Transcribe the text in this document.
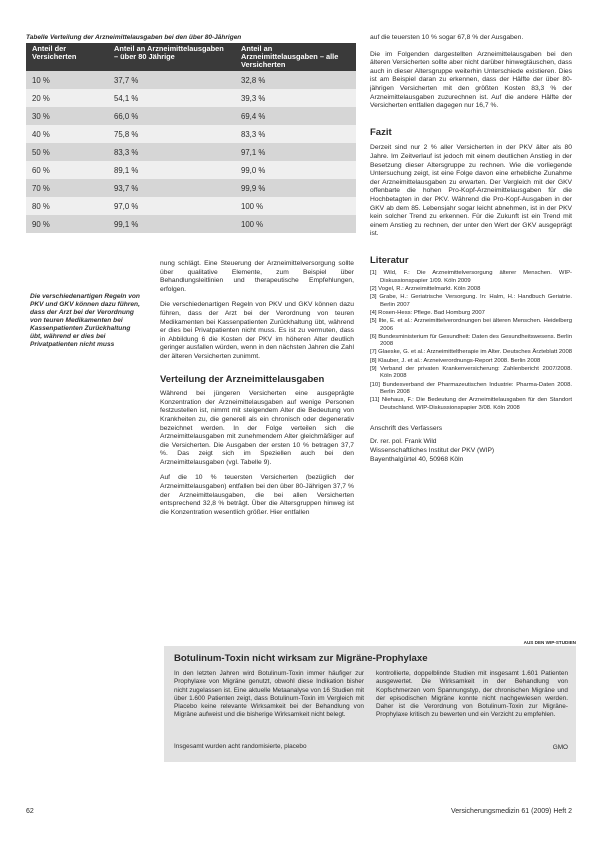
Tabelle Verteilung der Arzneimittelausgaben bei den über 80-Jährigen
Anteil der Versicherten	Anteil an Arzneimittelausgaben – über 80 Jährige	Anteil an Arzneimittelausgaben – alle Versicherten
10 %	37,7 %	32,8 %
20 %	54,1 %	39,3 %
30 %	66,0 %	69,4 %
40 %	75,8 %	83,3 %
50 %	83,3 %	97,1 %
60 %	89,1 %	99,0 %
70 %	93,7 %	99,9 %
80 %	97,0 %	100 %
90 %	99,1 %	100 %
Die verschiedenartigen Regeln von PKV und GKV können dazu führen, dass der Arzt bei der Verordnung von teuren Medikamenten bei Kassenpatienten Zurückhaltung übt, während er dies bei Privatpatienten nicht muss

nung schlägt. Eine Steuerung der Arzneimittelversorgung sollte über qualitative Elemente, zum Beispiel über Behandlungsleitlinien und therapeutische Empfehlungen, erfolgen.

Die verschiedenartigen Regeln von PKV und GKV können dazu führen, dass der Arzt bei der Verordnung von teuren Medikamenten bei Kassenpatienten Zurückhaltung übt, während er dies bei Privatpatienten nicht muss. Es ist zu vermuten, dass in Abbildung 6 die Kosten der PKV im höheren Alter deutlich geringer ausfallen würden, wenn in den nächsten Jahren die Zahl der älteren Versicherten zunimmt.

Verteilung der Arzneimittelausgaben

Während bei jüngeren Versicherten eine ausgeprägte Konzentration der Arzneimittelausgaben auf wenige Personen festzustellen ist, nimmt mit steigendem Alter die Bedeutung von Krankheiten zu, die generell als ein chronisch oder degenerativ bezeichnet werden. In der Folge verteilen sich die Arzneimittelausgaben mit zunehmendem Alter gleichmäßiger auf die Versicherten. Die Ausgaben der ersten 10 % betragen 37,7 %. Das zeigt sich im Speziellen auch bei den Arzneimittelausgaben (vgl. Tabelle 9).

Auf die 10 % teuersten Versicherten (bezüglich der Arzneimittelausgaben) entfallen bei den über 80-Jährigen 37,7 % der Arzneimittelausgaben, die bei allen Versicherten entsprechend 32,8 % beträgt. Über die Altersgruppen hinweg ist die Konzentration wesentlich größer. Hier entfallen

auf die teuersten 10 % sogar 67,8 % der Ausgaben.

Die im Folgenden dargestellten Arzneimittelausgaben bei den älteren Versicherten sollte aber nicht darüber hinwegtäuschen, dass auch in dieser Altersgruppe weiterhin Unterschiede existieren. Dies ist am Beispiel daran zu erkennen, dass der Hälfte der über 80-jährigen Versicherten mit den größten Kosten 83,3 % der Arzneimittelausgaben zuzurechnen ist. Auf die andere Hälfte der Versicherten entfallen dagegen nur 16,7 %.

Fazit

Derzeit sind nur 2 % aller Versicherten in der PKV älter als 80 Jahre. Im Zeitverlauf ist jedoch mit einem deutlichen Anstieg in der Besetzung dieser Altersgruppe zu rechnen. Wie die vorliegende Untersuchung zeigt, ist eine Folge davon eine erhebliche Zunahme der Arzneimittelausgaben zu erwarten. Der Vergleich mit der GKV offenbarte die hohen Pro-Kopf-Arzneimittelausgaben für die Hochbetagten in der PKV. Während die Pro-Kopf-Ausgaben in der GKV ab dem 85. Lebensjahr sogar leicht abnehmen, ist in der PKV kein solcher Trend zu erkennen. Für die Zukunft ist ein Trend mit einem Anstieg zu rechnen, der unter den Wert der GKV ausgeprägt ist.

Literatur

[1] Wild, F.: Die Arzneimittelversorgung älterer Menschen. WIP-Diskussionspapier 1/09. Köln 2009

[2] Vogel, R.: Arzneimittelmarkt. Köln 2008

[3] Grabe, H.: Geriatrische Versorgung. In: Halm, H.: Handbuch Geriatrie. Berlin 2007

[4] Rosen-Hess: Pflege. Bad Homburg 2007

[5] Ilte, E. et al.: Arzneimittelverordnungen bei älteren Menschen. Heidelberg 2006

[6] Bundesministerium für Gesundheit: Daten des Gesundheitswesens. Berlin 2008

[7] Glaeske, G. et al.: Arzneimitteltherapie im Alter. Deutsches Ärzteblatt 2008

[8] Klauber, J. et al.: Arzneiverordnungs-Report 2008. Berlin 2008

[9] Verband der privaten Krankenversicherung: Zahlenbericht 2007/2008. Köln 2008

[10] Bundesverband der Pharmazeutischen Industrie: Pharma-Daten 2008. Berlin 2008

[11] Niehaus, F.: Die Bedeutung der Arzneimittelausgaben für den Standort Deutschland. WIP-Diskussionspapier 3/08. Köln 2008

Anschrift des Verfassers
Dr. rer. pol. Frank Wild
Wissenschaftliches Institut der PKV (WIP)
Bayenthalgürtel 40, 50968 Köln
AUS DEN WIP-STUDIEN
Botulinum-Toxin nicht wirksam zur Migräne-Prophylaxe
In den letzten Jahren wird Botulinum-Toxin immer häufiger zur Prophylaxe von Migräne genutzt, obwohl diese Indikation bisher nicht zugelassen ist. Eine aktuelle Metaanalyse von 16 Studien mit über 1.600 Patienten zeigt, dass Botulinum-Toxin im Vergleich mit Placebo keine relevante Wirksamkeit bei der Behandlung von Migräne aufweist und die bisherige Wirksamkeit nicht belegt.
Insgesamt wurden acht randomisierte, placebo
kontrollierte, doppelblinde Studien mit insgesamt 1.601 Patienten ausgewertet. Die Wirksamkeit in der Behandlung von Kopfschmerzen vom Spannungstyp, der chronischen Migräne und der episodischen Migräne konnte nicht nachgewiesen werden. Daher ist die Verordnung von Botulinum-Toxin zur Migräne-Prophylaxe kritisch zu bewerten und ein Verzicht zu empfehlen.
GMO
62	Versicherungsmedizin 61 (2009) Heft 2
